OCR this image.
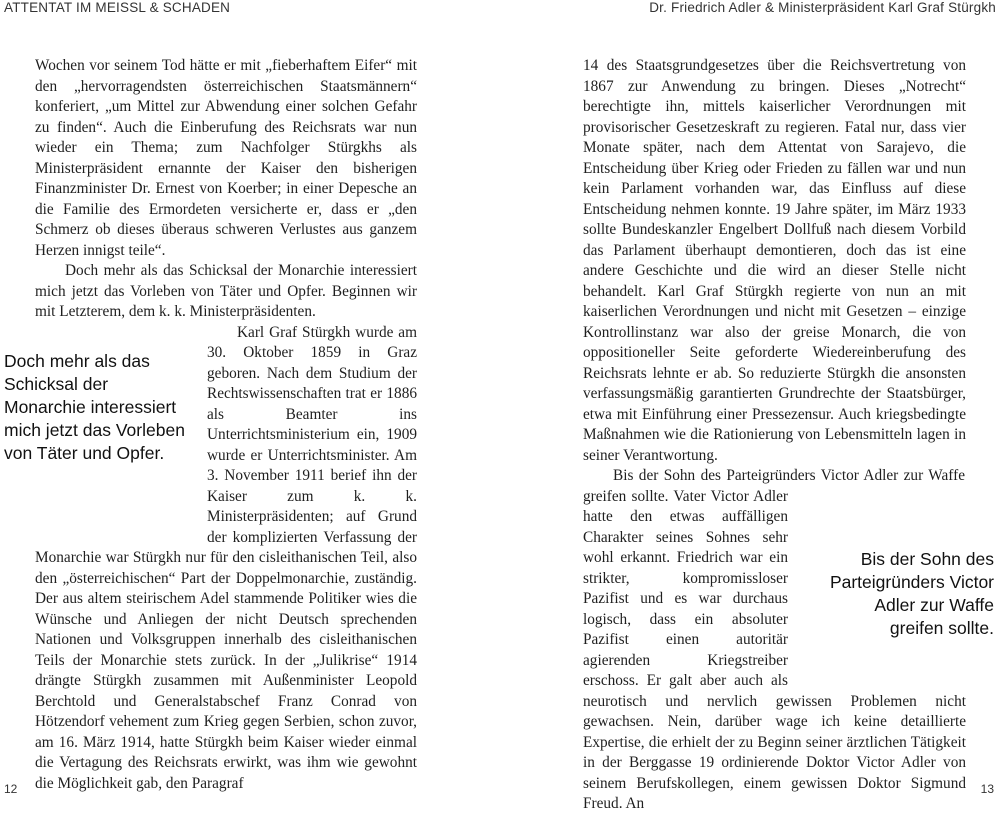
ATTENTAT IM MEISSL & SCHADEN	Dr. Friedrich Adler & Ministerpräsident Karl Graf Stürgkh

Wochen vor seinem Tod hätte er mit „fieberhaftem Eifer“ mit den „hervorragendsten österreichischen Staatsmännern“ konferiert, „um Mittel zur Abwendung einer solchen Gefahr zu finden“. Auch die Einberufung des Reichsrats war nun wieder ein Thema; zum Nachfolger Stürgkhs als Ministerpräsident ernannte der Kaiser den bisherigen Finanzminister Dr. Ernest von Koerber; in einer Depesche an die Familie des Ermordeten versicherte er, dass er „den Schmerz ob dieses überaus schweren Verlustes aus ganzem Herzen innigst teile“.

Doch mehr als das Schicksal der Monarchie interessiert mich jetzt das Vorleben von Täter und Opfer. Beginnen wir mit Letzterem, dem k. k. Ministerpräsidenten.

Karl Graf Stürgkh wurde am 30. Oktober 1859 in Graz geboren. Nach dem Studium der Rechtswissenschaften trat er 1886 als Beamter ins Unterrichtsministerium ein, 1909 wurde er Unterrichtsminister. Am 3. November 1911 berief ihn der Kaiser zum k. k. Ministerpräsidenten; auf Grund der komplizierten Verfassung der Monarchie war Stürgkh nur für den cisleithanischen Teil, also den „österreichischen“ Part der Doppelmonarchie, zuständig. Der aus altem steirischem Adel stammende Politiker wies die Wünsche und Anliegen der nicht Deutsch sprechenden Nationen und Volksgruppen innerhalb des cisleithanischen Teils der Monarchie stets zurück. In der „Julikrise“ 1914 drängte Stürgkh zusammen mit Außenminister Leopold Berchtold und Generalstabschef Franz Conrad von Hötzendorf vehement zum Krieg gegen Serbien, schon zuvor, am 16. März 1914, hatte Stürgkh beim Kaiser wieder einmal die Vertagung des Reichsrats erwirkt, was ihm wie gewohnt die Möglichkeit gab, den Paragraf

Doch mehr als das Schicksal der Monarchie interessiert mich jetzt das Vorleben von Täter und Opfer.

14 des Staatsgrundgesetzes über die Reichsvertretung von 1867 zur Anwendung zu bringen. Dieses „Notrecht“ berechtigte ihn, mittels kaiserlicher Verordnungen mit provisorischer Gesetzeskraft zu regieren. Fatal nur, dass vier Monate später, nach dem Attentat von Sarajevo, die Entscheidung über Krieg oder Frieden zu fällen war und nun kein Parlament vorhanden war, das Einfluss auf diese Entscheidung nehmen konnte. 19 Jahre später, im März 1933 sollte Bundeskanzler Engelbert Dollfuß nach diesem Vorbild das Parlament überhaupt demontieren, doch das ist eine andere Geschichte und die wird an dieser Stelle nicht behandelt. Karl Graf Stürgkh regierte von nun an mit kaiserlichen Verordnungen und nicht mit Gesetzen – einzige Kontrollinstanz war also der greise Monarch, die von oppositioneller Seite geforderte Wiedereinberufung des Reichsrats lehnte er ab. So reduzierte Stürgkh die ansonsten verfassungsmäßig garantierten Grundrechte der Staatsbürger, etwa mit Einführung einer Pressezensur. Auch kriegsbedingte Maßnahmen wie die Rationierung von Lebensmitteln lagen in seiner Verantwortung.

Bis der Sohn des Parteigründers Victor Adler zur Waffe greifen sollte. Vater Victor Adler hatte den etwas auffälligen Charakter seines Sohnes sehr wohl erkannt. Friedrich war ein strikter, kompromissloser Pazifist und es war durchaus logisch, dass ein absoluter Pazifist einen autoritär agierenden Kriegstreiber erschoss. Er galt aber auch als neurotisch und nervlich gewissen Problemen nicht gewachsen. Nein, darüber wage ich keine detaillierte Expertise, die erhielt der zu Beginn seiner ärztlichen Tätigkeit in der Berggasse 19 ordinierende Doktor Victor Adler von seinem Berufskollegen, einem gewissen Doktor Sigmund Freud. An

Bis der Sohn des Parteigründers Victor Adler zur Waffe greifen sollte.
12	13
